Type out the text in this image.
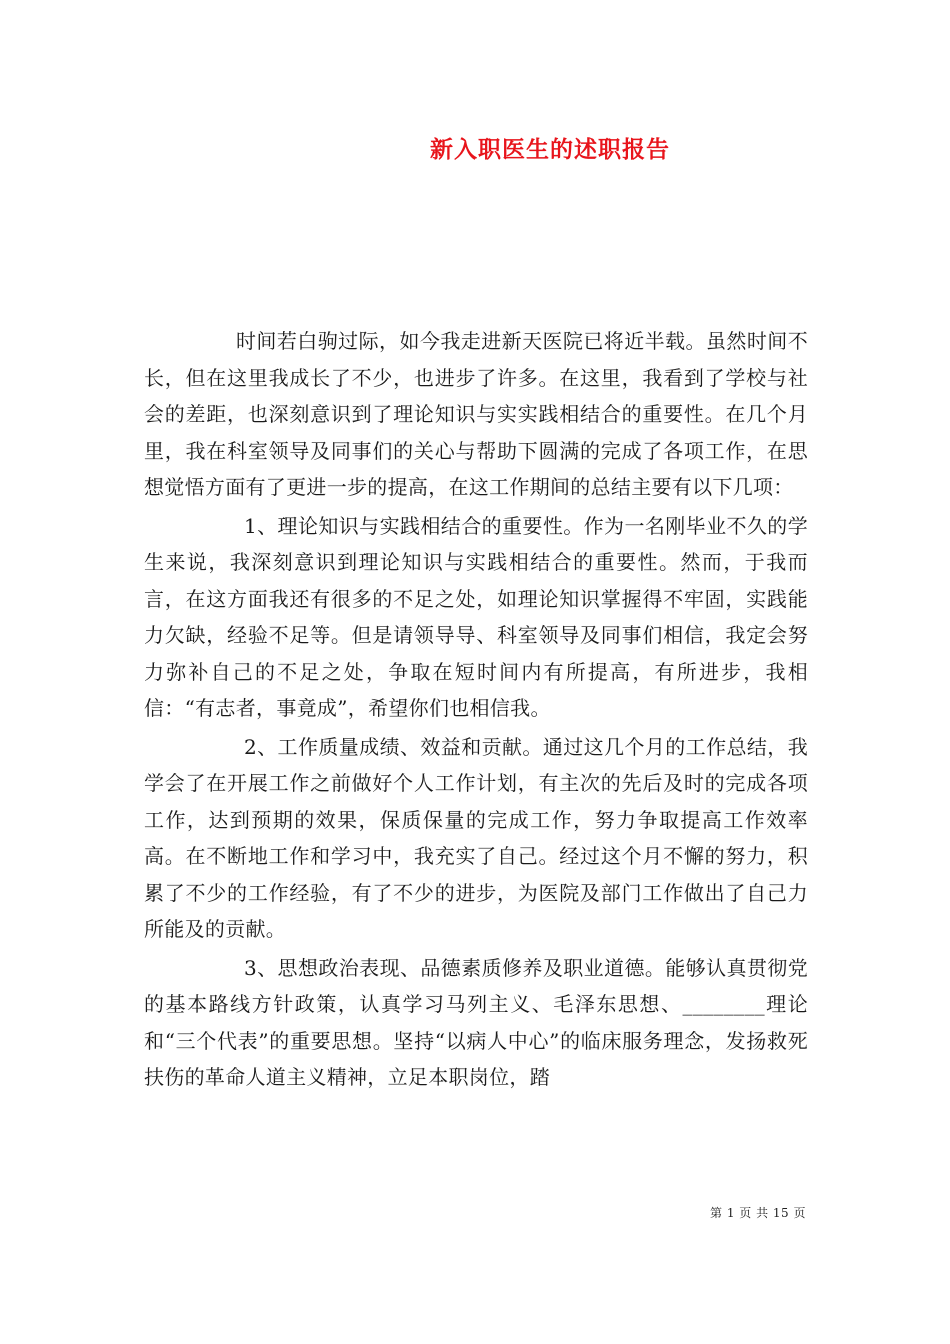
新入职医生的述职报告

时间若白驹过际，如今我走进新天医院已将近半载。虽然时间不长，但在这里我成长了不少，也进步了许多。在这里，我看到了学校与社会的差距，也深刻意识到了理论知识与实实践相结合的重要性。在几个月里，我在科室领导及同事们的关心与帮助下圆满的完成了各项工作，在思想觉悟方面有了更进一步的提高，在这工作期间的总结主要有以下几项：

1、理论知识与实践相结合的重要性。作为一名刚毕业不久的学生来说，我深刻意识到理论知识与实践相结合的重要性。然而，于我而言，在这方面我还有很多的不足之处，如理论知识掌握得不牢固，实践能力欠缺，经验不足等。但是请领导导、科室领导及同事们相信，我定会努力弥补自己的不足之处，争取在短时间内有所提高，有所进步，我相信：“有志者，事竟成”，希望你们也相信我。

2、工作质量成绩、效益和贡献。通过这几个月的工作总结，我学会了在开展工作之前做好个人工作计划，有主次的先后及时的完成各项工作，达到预期的效果，保质保量的完成工作，努力争取提高工作效率高。在不断地工作和学习中，我充实了自己。经过这个月不懈的努力，积累了不少的工作经验，有了不少的进步，为医院及部门工作做出了自己力所能及的贡献。

3、思想政治表现、品德素质修养及职业道德。能够认真贯彻党的基本路线方针政策，认真学习马列主义、毛泽东思想、________理论和“三个代表”的重要思想。坚持“以病人中心”的临床服务理念，发扬救死扶伤的革命人道主义精神，立足本职岗位，踏

第 1 页 共 15 页
